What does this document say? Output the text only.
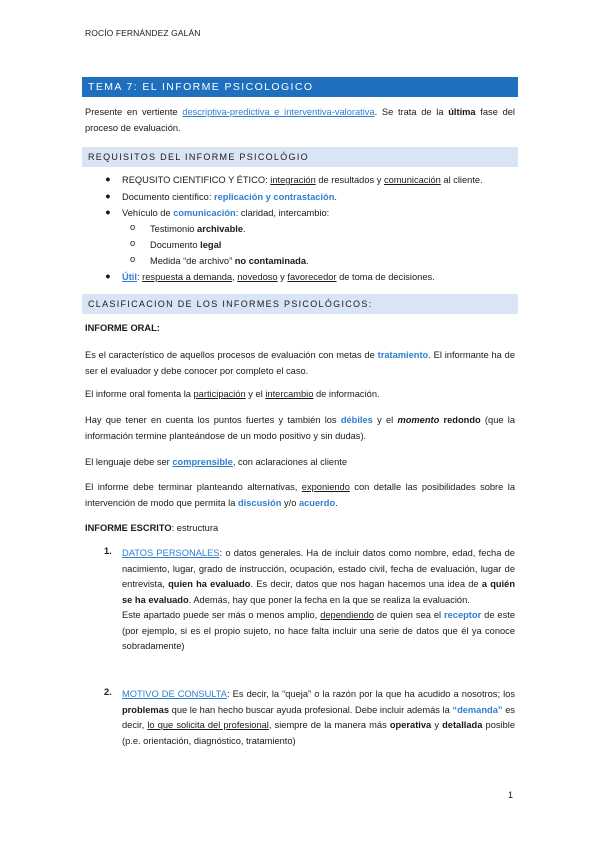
ROCÍO FERNÁNDEZ GALÁN
TEMA 7: EL INFORME PSICOLOGICO
Presente en vertiente descriptiva-predictiva e interventiva-valorativa. Se trata de la última fase del proceso de evaluación.
REQUISITOS DEL INFORME PSICOLÓGIO
● REQUSITO CIENTIFICO Y ÉTICO: integración de resultados y comunicación al cliente.
● Documento científico: replicación y contrastación.
● Vehículo de comunicación: claridad, intercambio:
o Testimonio archivable.
o Documento legal
o Medida “de archivo” no contaminada.
● Útil: respuesta a demanda, novedoso y favorecedor de toma de decisiones.
CLASIFICACION DE LOS INFORMES PSICOLÓGICOS:
INFORME ORAL:
Es el característico de aquellos procesos de evaluación con metas de tratamiento. El informante ha de ser el evaluador y debe conocer por completo el caso.
El informe oral fomenta la participación y el intercambio de información.
Hay que tener en cuenta los puntos fuertes y también los débiles y el momento redondo (que la información termine planteándose de un modo positivo y sin dudas).
El lenguaje debe ser comprensible, con aclaraciones al cliente
El informe debe terminar planteando alternativas, exponiendo con detalle las posibilidades sobre la intervención de modo que permita la discusión y/o acuerdo.
INFORME ESCRITO: estructura
1. DATOS PERSONALES: o datos generales. Ha de incluir datos como nombre, edad, fecha de nacimiento, lugar, grado de instrucción, ocupación, estado civil, fecha de evaluación, lugar de entrevista, quien ha evaluado. Es decir, datos que nos hagan hacemos una idea de a quién se ha evaluado. Además, hay que poner la fecha en la que se realiza la evaluación.
Este apartado puede ser más o menos amplio, dependiendo de quien sea el receptor de este (por ejemplo, si es el propio sujeto, no hace falta incluir una serie de datos que él ya conoce sobradamente)
2. MOTIVO DE CONSULTA: Es decir, la “queja” o la razón por la que ha acudido a nosotros; los problemas que le han hecho buscar ayuda profesional. Debe incluir además la “demanda” es decir, lo que solicita del profesional, siempre de la manera más operativa y detallada posible (p.e. orientación, diagnóstico, tratamiento)
1
